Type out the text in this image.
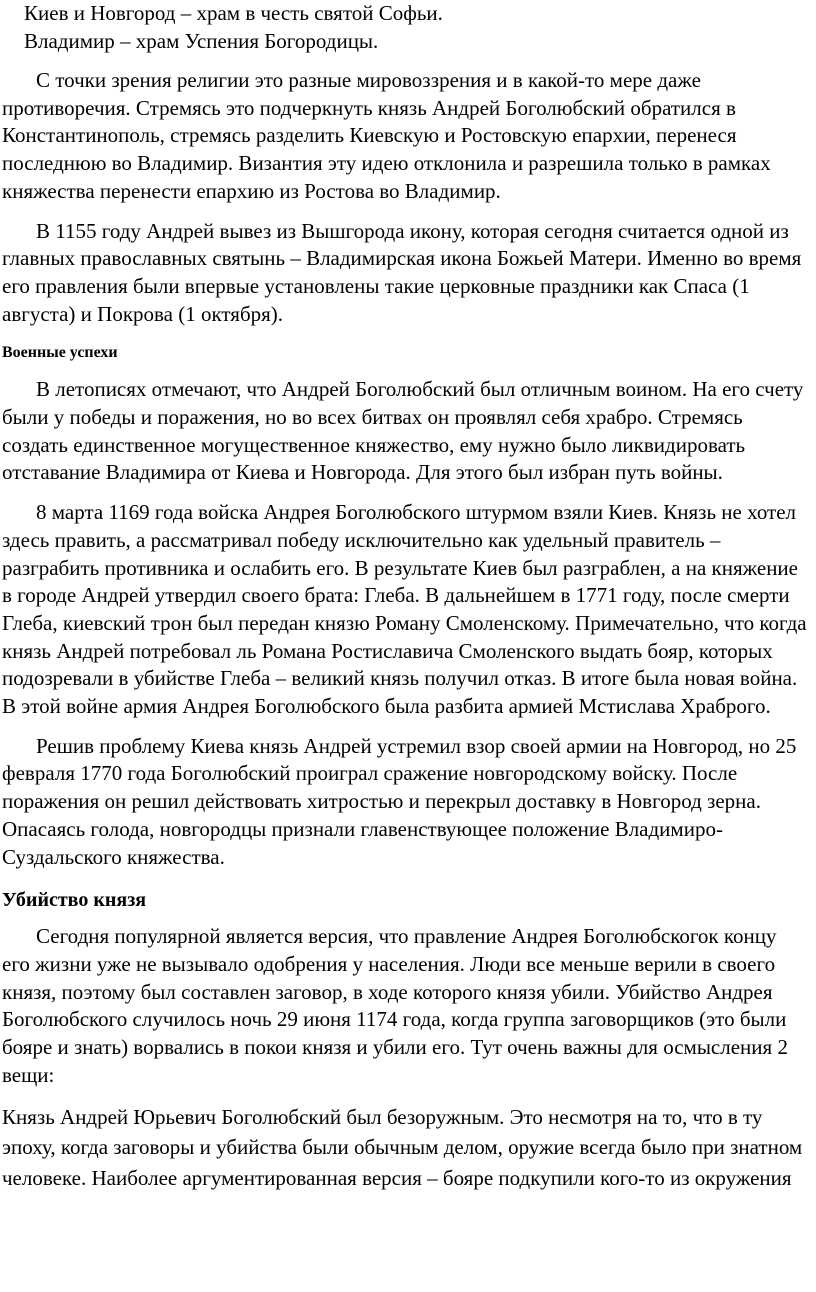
Киев и Новгород – храм в честь святой Софьи.

Владимир – храм Успения Богородицы.

С точки зрения религии это разные мировоззрения и в какой-то мере даже противоречия. Стремясь это подчеркнуть князь Андрей Боголюбский обратился в Константинополь, стремясь разделить Киевскую и Ростовскую епархии, перенеся последнюю во Владимир. Византия эту идею отклонила и разрешила только в рамках княжества перенести епархию из Ростова во Владимир.

В 1155 году Андрей вывез из Вышгорода икону, которая сегодня считается одной из главных православных святынь – Владимирская икона Божьей Матери. Именно во время его правления были впервые установлены такие церковные праздники как Спаса (1 августа) и Покрова (1 октября).

Военные успехи

В летописях отмечают, что Андрей Боголюбский был отличным воином. На его счету были у победы и поражения, но во всех битвах он проявлял себя храбро. Стремясь создать единственное могущественное княжество, ему нужно было ликвидировать отставание Владимира от Киева и Новгорода. Для этого был избран путь войны.

8 марта 1169 года войска Андрея Боголюбского штурмом взяли Киев. Князь не хотел здесь править, а рассматривал победу исключительно как удельный правитель – разграбить противника и ослабить его. В результате Киев был разграблен, а на княжение в городе Андрей утвердил своего брата: Глеба. В дальнейшем в 1771 году, после смерти Глеба, киевский трон был передан князю Роману Смоленскому. Примечательно, что когда князь Андрей потребовал ль Романа Ростиславича Смоленского выдать бояр, которых подозревали в убийстве Глеба – великий князь получил отказ. В итоге была новая война. В этой войне армия Андрея Боголюбского была разбита армией Мстислава Храброго.

Решив проблему Киева князь Андрей устремил взор своей армии на Новгород, но 25 февраля 1770 года Боголюбский проиграл сражение новгородскому войску. После поражения он решил действовать хитростью и перекрыл доставку в Новгород зерна. Опасаясь голода, новгородцы признали главенствующее положение Владимиро-Суздальского княжества.

Убийство князя

Сегодня популярной является версия, что правление Андрея Боголюбскогок концу его жизни уже не вызывало одобрения у населения. Люди все меньше верили в своего князя, поэтому был составлен заговор, в ходе которого князя убили. Убийство Андрея Боголюбского случилось ночь 29 июня 1174 года, когда группа заговорщиков (это были бояре и знать) ворвались в покои князя и убили его. Тут очень важны для осмысления 2 вещи:

Князь Андрей Юрьевич Боголюбский был безоружным. Это несмотря на то, что в ту эпоху, когда заговоры и убийства были обычным делом, оружие всегда было при знатном человеке. Наиболее аргументированная версия – бояре подкупили кого-то из окружения
